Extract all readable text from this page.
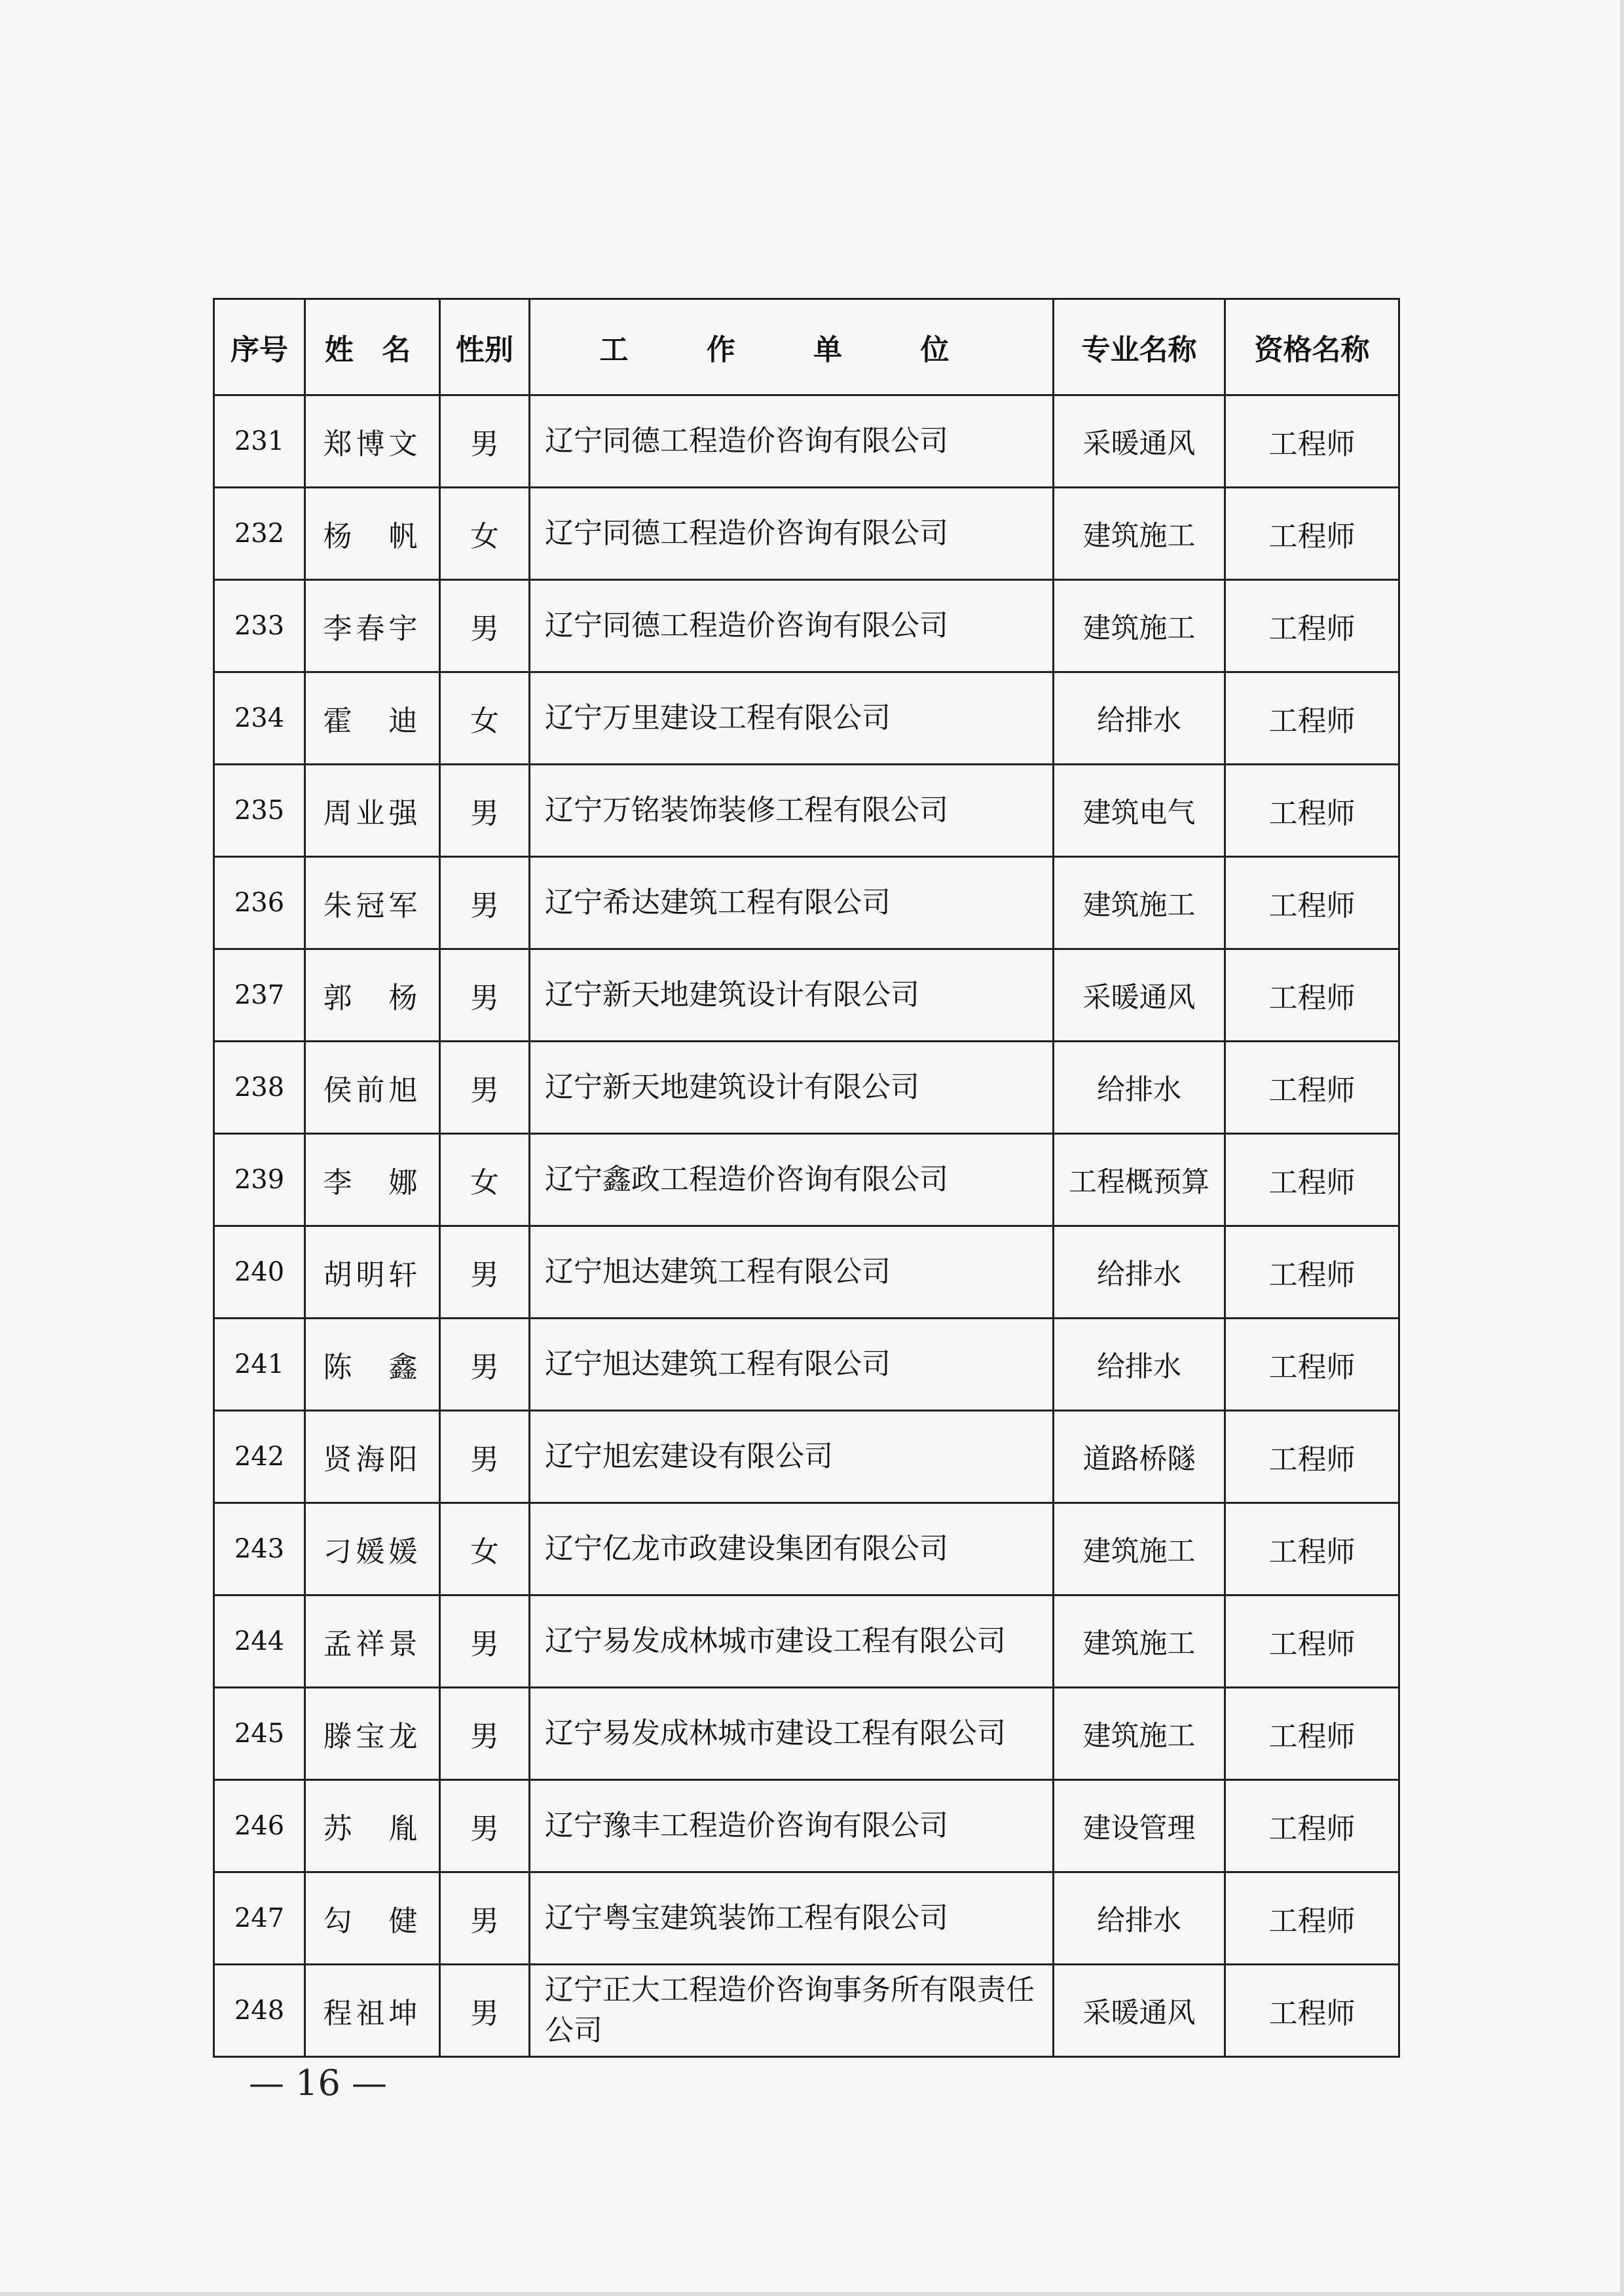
序号	姓 名	性别	工 作 单 位	专业名称	资格名称
231	郑博文	男	辽宁同德工程造价咨询有限公司	采暖通风	工程师
232	杨　帆	女	辽宁同德工程造价咨询有限公司	建筑施工	工程师
233	李春宇	男	辽宁同德工程造价咨询有限公司	建筑施工	工程师
234	霍　迪	女	辽宁万里建设工程有限公司	给排水	工程师
235	周业强	男	辽宁万铭装饰装修工程有限公司	建筑电气	工程师
236	朱冠军	男	辽宁希达建筑工程有限公司	建筑施工	工程师
237	郭　杨	男	辽宁新天地建筑设计有限公司	采暖通风	工程师
238	侯前旭	男	辽宁新天地建筑设计有限公司	给排水	工程师
239	李　娜	女	辽宁鑫政工程造价咨询有限公司	工程概预算	工程师
240	胡明轩	男	辽宁旭达建筑工程有限公司	给排水	工程师
241	陈　鑫	男	辽宁旭达建筑工程有限公司	给排水	工程师
242	贤海阳	男	辽宁旭宏建设有限公司	道路桥隧	工程师
243	刁媛媛	女	辽宁亿龙市政建设集团有限公司	建筑施工	工程师
244	孟祥景	男	辽宁易发成林城市建设工程有限公司	建筑施工	工程师
245	滕宝龙	男	辽宁易发成林城市建设工程有限公司	建筑施工	工程师
246	苏　胤	男	辽宁豫丰工程造价咨询有限公司	建设管理	工程师
247	勾　健	男	辽宁粤宝建筑装饰工程有限公司	给排水	工程师
248	程祖坤	男	辽宁正大工程造价咨询事务所有限责任公司	采暖通风	工程师
— 16 —
